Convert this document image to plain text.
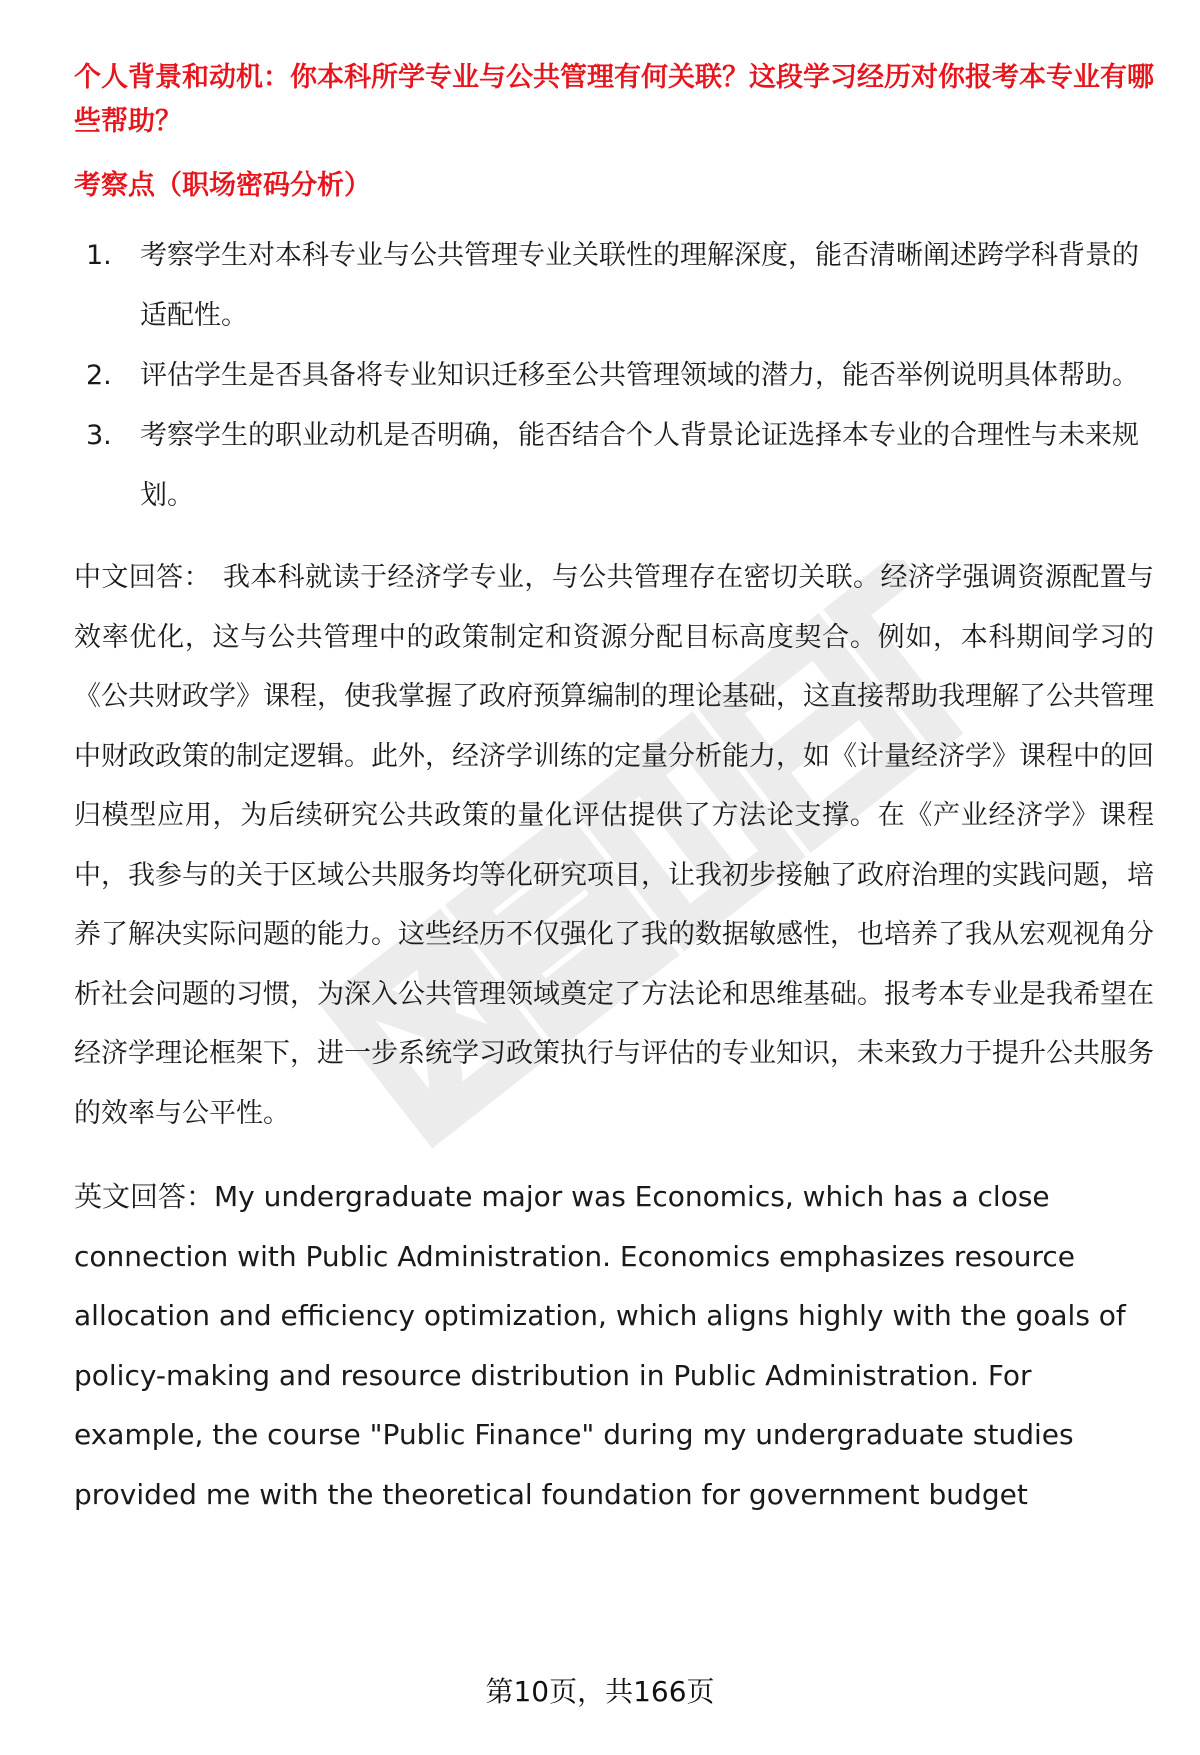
个人背景和动机：你本科所学专业与公共管理有何关联？这段学习经历对你报考本专业有哪些帮助？

考察点（职场密码分析）

1. 考察学生对本科专业与公共管理专业关联性的理解深度，能否清晰阐述跨学科背景的适配性。
2. 评估学生是否具备将专业知识迁移至公共管理领域的潜力，能否举例说明具体帮助。
3. 考察学生的职业动机是否明确，能否结合个人背景论证选择本专业的合理性与未来规划。

中文回答： 我本科就读于经济学专业，与公共管理存在密切关联。经济学强调资源配置与效率优化，这与公共管理中的政策制定和资源分配目标高度契合。例如，本科期间学习的《公共财政学》课程，使我掌握了政府预算编制的理论基础，这直接帮助我理解了公共管理中财政政策的制定逻辑。此外，经济学训练的定量分析能力，如《计量经济学》课程中的回归模型应用，为后续研究公共政策的量化评估提供了方法论支撑。在《产业经济学》课程中，我参与的关于区域公共服务均等化研究项目，让我初步接触了政府治理的实践问题，培养了解决实际问题的能力。这些经历不仅强化了我的数据敏感性，也培养了我从宏观视角分析社会问题的习惯，为深入公共管理领域奠定了方法论和思维基础。报考本专业是我希望在经济学理论框架下，进一步系统学习政策执行与评估的专业知识，未来致力于提升公共服务的效率与公平性。

英文回答：My undergraduate major was Economics, which has a close connection with Public Administration. Economics emphasizes resource allocation and efficiency optimization, which aligns highly with the goals of policy-making and resource distribution in Public Administration. For example, the course "Public Finance" during my undergraduate studies provided me with the theoretical foundation for government budget

第10页，共166页
